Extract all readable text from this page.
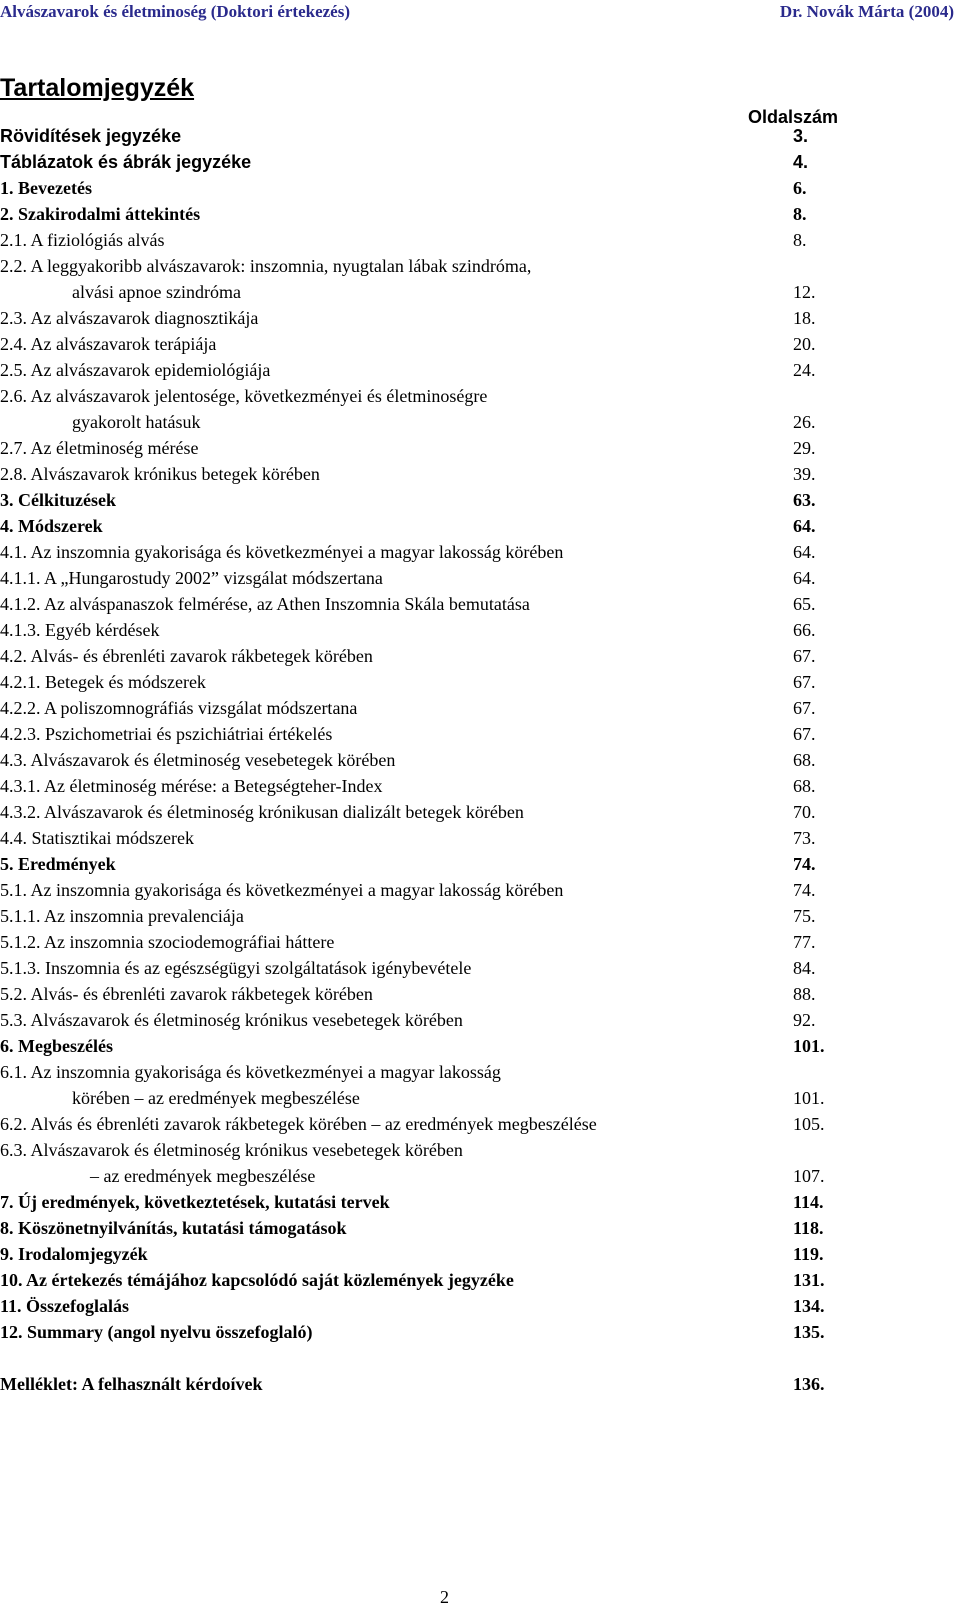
Alvászavarok és életminoség (Doktori értekezés)	Dr. Novák Márta (2004)
Tartalomjegyzék
Oldalszám
Rövidítések jegyzéke	3.
Táblázatok és ábrák jegyzéke	4.
1. Bevezetés	6.
2. Szakirodalmi áttekintés	8.
2.1. A fiziológiás alvás	8.
2.2. A leggyakoribb alvászavarok: inszomnia, nyugtalan lábak szindróma,
alvási apnoe szindróma	12.
2.3. Az alvászavarok diagnosztikája	18.
2.4. Az alvászavarok terápiája	20.
2.5. Az alvászavarok epidemiológiája	24.
2.6. Az alvászavarok jelentosége, következményei és életminoségre
gyakorolt hatásuk	26.
2.7. Az életminoség mérése	29.
2.8. Alvászavarok krónikus betegek körében	39.
3. Célkituzések	63.
4. Módszerek	64.
4.1. Az inszomnia gyakorisága és következményei a magyar lakosság körében	64.
4.1.1. A „Hungarostudy 2002” vizsgálat módszertana	64.
4.1.2. Az alváspanaszok felmérése, az Athen Inszomnia Skála bemutatása	65.
4.1.3. Egyéb kérdések	66.
4.2. Alvás- és ébrenléti zavarok rákbetegek körében	67.
4.2.1. Betegek és módszerek	67.
4.2.2. A poliszomnográfiás vizsgálat módszertana	67.
4.2.3. Pszichometriai és pszichiátriai értékelés	67.
4.3. Alvászavarok és életminoség vesebetegek körében	68.
4.3.1. Az életminoség mérése: a Betegségteher-Index	68.
4.3.2. Alvászavarok és életminoség krónikusan dializált betegek körében	70.
4.4. Statisztikai módszerek	73.
5. Eredmények	74.
5.1. Az inszomnia gyakorisága és következményei a magyar lakosság körében	74.
5.1.1. Az inszomnia prevalenciája	75.
5.1.2. Az inszomnia szociodemográfiai háttere	77.
5.1.3. Inszomnia és az egészségügyi szolgáltatások igénybevétele	84.
5.2. Alvás- és ébrenléti zavarok rákbetegek körében	88.
5.3. Alvászavarok és életminoség krónikus vesebetegek körében	92.
6. Megbeszélés	101.
6.1. Az inszomnia gyakorisága és következményei a magyar lakosság
körében – az eredmények megbeszélése	101.
6.2. Alvás és ébrenléti zavarok rákbetegek körében – az eredmények megbeszélése	105.
6.3. Alvászavarok és életminoség krónikus vesebetegek körében
– az eredmények megbeszélése	107.
7. Új eredmények, következtetések, kutatási tervek	114.
8. Köszönetnyilvánítás, kutatási támogatások	118.
9. Irodalomjegyzék	119.
10. Az értekezés témájához kapcsolódó saját közlemények jegyzéke	131.
11. Összefoglalás	134.
12. Summary (angol nyelvu összefoglaló)	135.
Melléklet: A felhasznált kérdoívek	136.
2
